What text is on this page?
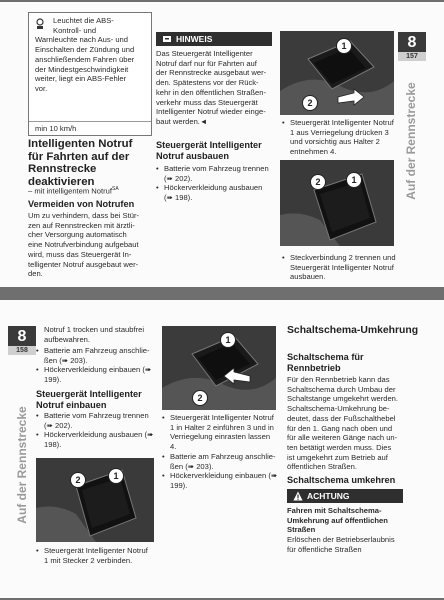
Leuchtet die ABS-
Kontroll- und
Warnleuchte nach Aus- und
Einschalten der Zündung und
anschließendem Fahren über
der Mindestgeschwindigkeit
weiter, liegt ein ABS-Fehler
vor.
min 10 km/h
Intelligenten Notruf für Fahrten auf der Rennstrecke deaktivieren
– mit intelligentem Notruf$^{SA}$
Vermeiden von Notrufen
Um zu verhindern, dass bei Stür-
zen auf Rennstrecken mit ärztli-
cher Versorgung automatisch
eine Notrufverbindung aufgebaut
wird, muss das Steuergerät In-
telligenter Notruf ausgebaut wer-
den.
HINWEIS
Das Steuergerät Intelligenter
Notruf darf nur für Fahrten auf
der Rennstrecke ausgebaut wer-
den. Spätestens vor der Rück-
kehr in den öffentlichen Straßen-
verkehr muss das Steuergerät
Intelligenter Notruf wieder einge-
baut werden.◄
Steuergerät Intelligenter Notruf ausbauen
• Batterie vom Fahrzeug trennen (➠ 202).
• Höckerverkleidung ausbauen (➠ 198).
1
2
• Steuergerät Intelligenter Notruf 1 aus Verriegelung drücken 3 und vorsichtig aus Halter 2 entnehmen 4.
2	1
• Steckverbindung 2 trennen und Steuergerät Intelligenter Notruf ausbauen.
8
157
Auf der Rennstrecke
8
158
Auf der Rennstrecke
Notruf 1 trocken und staubfrei
aufbewahren.
• Batterie am Fahrzeug anschlie-ßen (➠ 203).
• Höckerverkleidung einbauen (➠ 199).
Steuergerät Intelligenter Notruf einbauen
• Batterie vom Fahrzeug trennen (➠ 202).
• Höckerverkleidung ausbauen (➠ 198).
2	1
• Steuergerät Intelligenter Notruf 1 mit Stecker 2 verbinden.
1
2
• Steuergerät Intelligenter Notruf 1 in Halter 2 einführen 3 und in Verriegelung einrasten lassen 4.
• Batterie am Fahrzeug anschlie-ßen (➠ 203).
• Höckerverkleidung einbauen (➠ 199).
Schaltschema-Umkehrung
Schaltschema für Rennbetrieb
Für den Rennbetrieb kann das
Schaltschema durch Umbau der
Schaltstange umgekehrt werden.
Schaltschema-Umkehrung be-
deutet, dass der Fußschalthebel
für den 1. Gang nach oben und
für alle weiteren Gänge nach un-
ten betätigt werden muss. Dies
ist umgekehrt zum Betrieb auf
öffentlichen Straßen.
Schaltschema umkehren
ACHTUNG
Fahren mit Schaltschema-Umkehrung auf öffentlichen Straßen
Erlöschen der Betriebserlaubnis für öffentliche Straßen
